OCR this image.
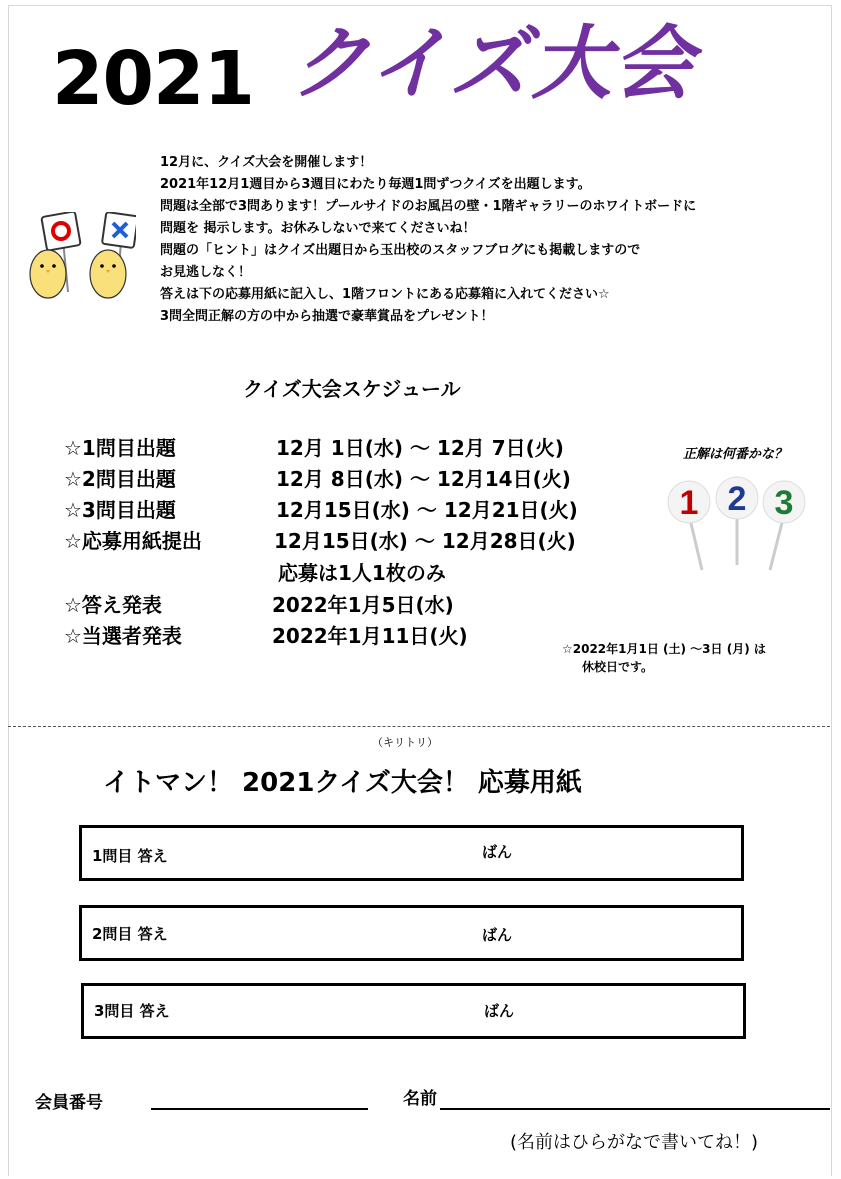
2021 クイズ大会
12月に、クイズ大会を開催します！
2021年12月1週目から3週目にわたり毎週1問ずつクイズを出題します。
問題は全部で3問あります！プールサイドのお風呂の壁・1階ギャラリーのホワイトボードに
問題を 掲示します。お休みしないで来てくださいね！
問題の「ヒント」はクイズ出題日から玉出校のスタッフブログにも掲載しますので
お見逃しなく！
答えは下の応募用紙に記入し、1階フロントにある応募箱に入れてください☆
3問全問正解の方の中から抽選で豪華賞品をプレゼント！
クイズ大会スケジュール
☆1問目出題	12月 1日(水) 〜 12月 7日(火)
☆2問目出題	12月 8日(水) 〜 12月14日(火)
☆3問目出題	12月15日(水) 〜 12月21日(火)
☆応募用紙提出	12月15日(水) 〜 12月28日(火)
応募は1人1枚のみ
☆答え発表	2022年1月5日(水)
☆当選者発表	2022年1月11日(火)
正解は何番かな？
1 2 3
☆2022年1月1日 (土) 〜3日 (月) は
休校日です。
（キリトリ）
イトマン！ 2021クイズ大会！ 応募用紙
1問目 答え	ばん
2問目 答え	ばん
3問目 答え	ばん
会員番号	名前
(名前はひらがなで書いてね！)
